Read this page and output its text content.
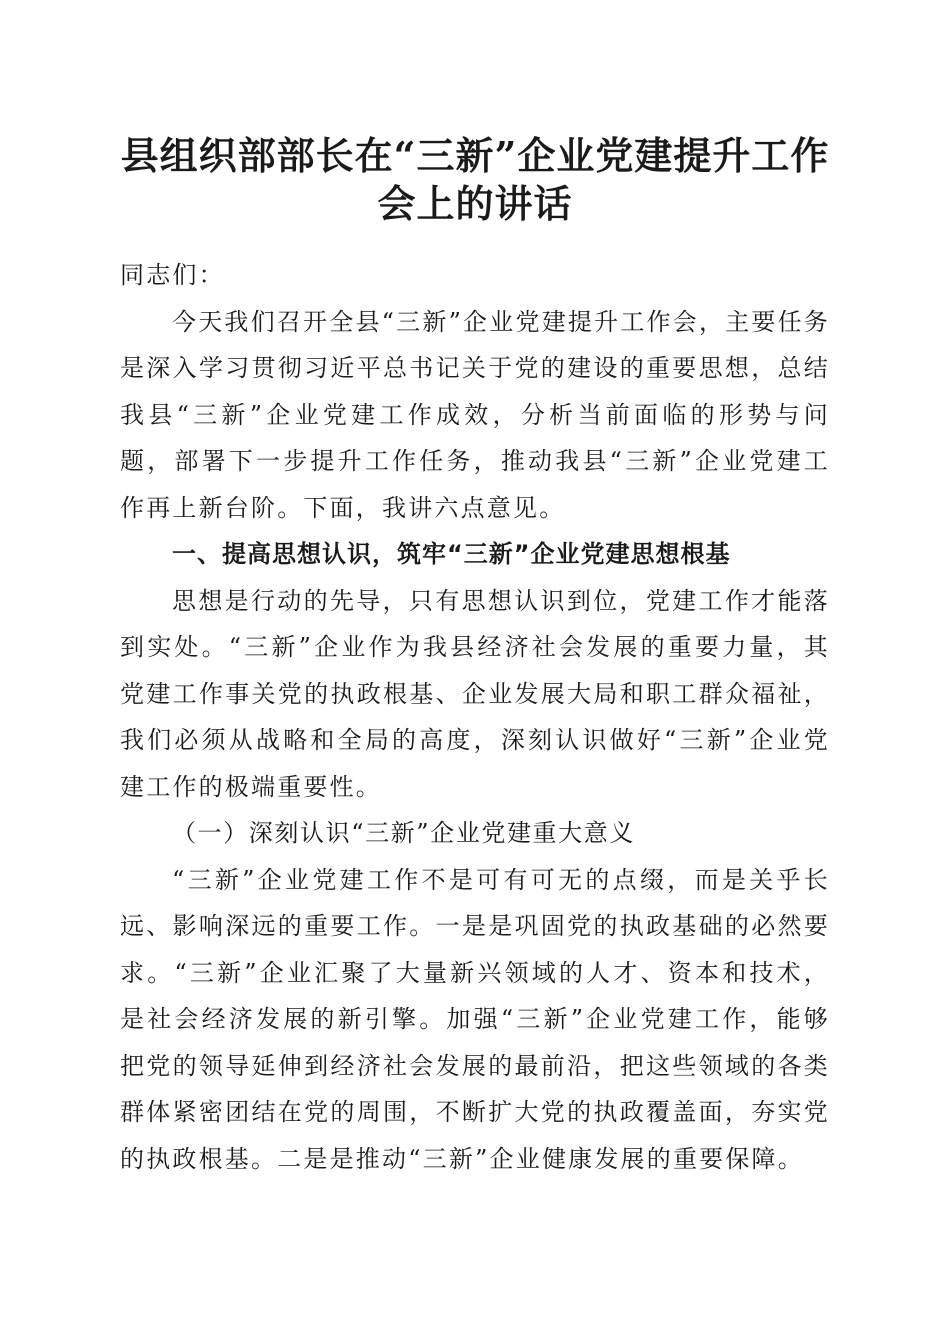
县组织部部长在“三新”企业党建提升工作会上的讲话

同志们：

今天我们召开全县“三新”企业党建提升工作会，主要任务是深入学习贯彻习近平总书记关于党的建设的重要思想，总结我县“三新”企业党建工作成效，分析当前面临的形势与问题，部署下一步提升工作任务，推动我县“三新”企业党建工作再上新台阶。下面，我讲六点意见。

一、提高思想认识，筑牢“三新”企业党建思想根基

思想是行动的先导，只有思想认识到位，党建工作才能落到实处。“三新”企业作为我县经济社会发展的重要力量，其党建工作事关党的执政根基、企业发展大局和职工群众福祉，我们必须从战略和全局的高度，深刻认识做好“三新”企业党建工作的极端重要性。

（一）深刻认识“三新”企业党建重大意义

“三新”企业党建工作不是可有可无的点缀，而是关乎长远、影响深远的重要工作。一是是巩固党的执政基础的必然要求。“三新”企业汇聚了大量新兴领域的人才、资本和技术，是社会经济发展的新引擎。加强“三新”企业党建工作，能够把党的领导延伸到经济社会发展的最前沿，把这些领域的各类群体紧密团结在党的周围，不断扩大党的执政覆盖面，夯实党的执政根基。二是是推动“三新”企业健康发展的重要保障。
